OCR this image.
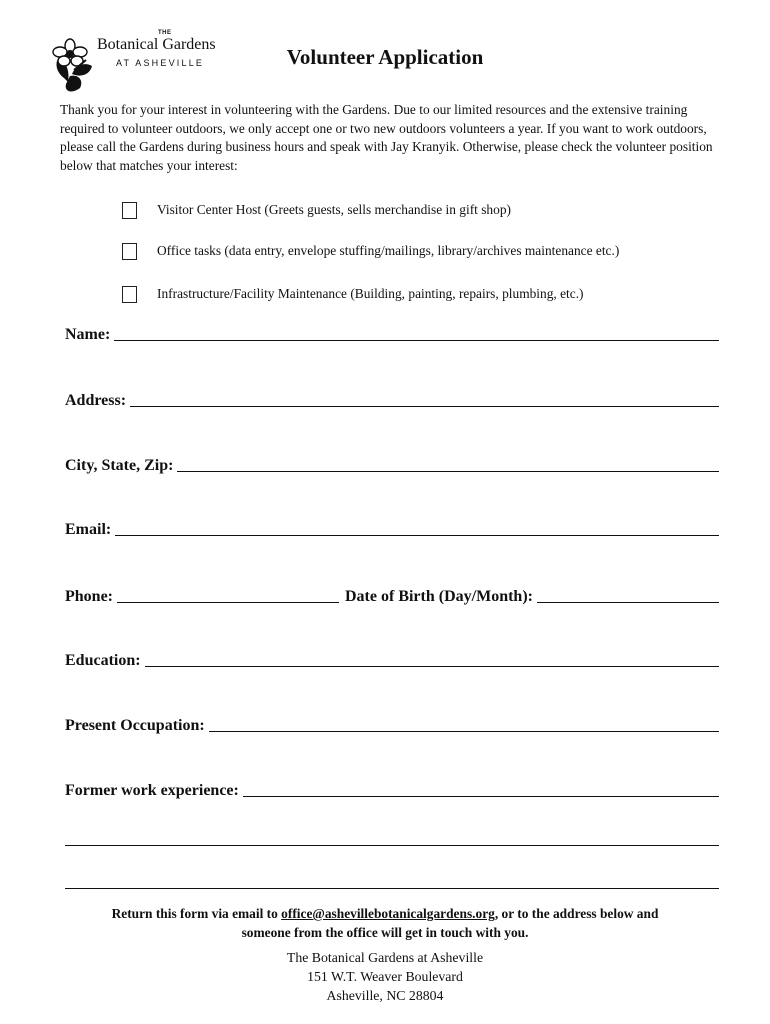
THE
Botanical Gardens
AT ASHEVILLE	Volunteer Application
Thank you for your interest in volunteering with the Gardens. Due to our limited resources and the extensive training required to volunteer outdoors, we only accept one or two new outdoors volunteers a year. If you want to work outdoors, please call the Gardens during business hours and speak with Jay Kranyik. Otherwise, please check the volunteer position below that matches your interest:
Visitor Center Host (Greets guests, sells merchandise in gift shop)
Office tasks (data entry, envelope stuffing/mailings, library/archives maintenance etc.)
Infrastructure/Facility Maintenance (Building, painting, repairs, plumbing, etc.)
Name:
Address:
City, State, Zip:
Email:
Phone:	Date of Birth (Day/Month):
Education:
Present Occupation:
Former work experience:
Return this form via email to office@ashevillebotanicalgardens.org, or to the address below and
someone from the office will get in touch with you.
The Botanical Gardens at Asheville
151 W.T. Weaver Boulevard
Asheville, NC 28804
